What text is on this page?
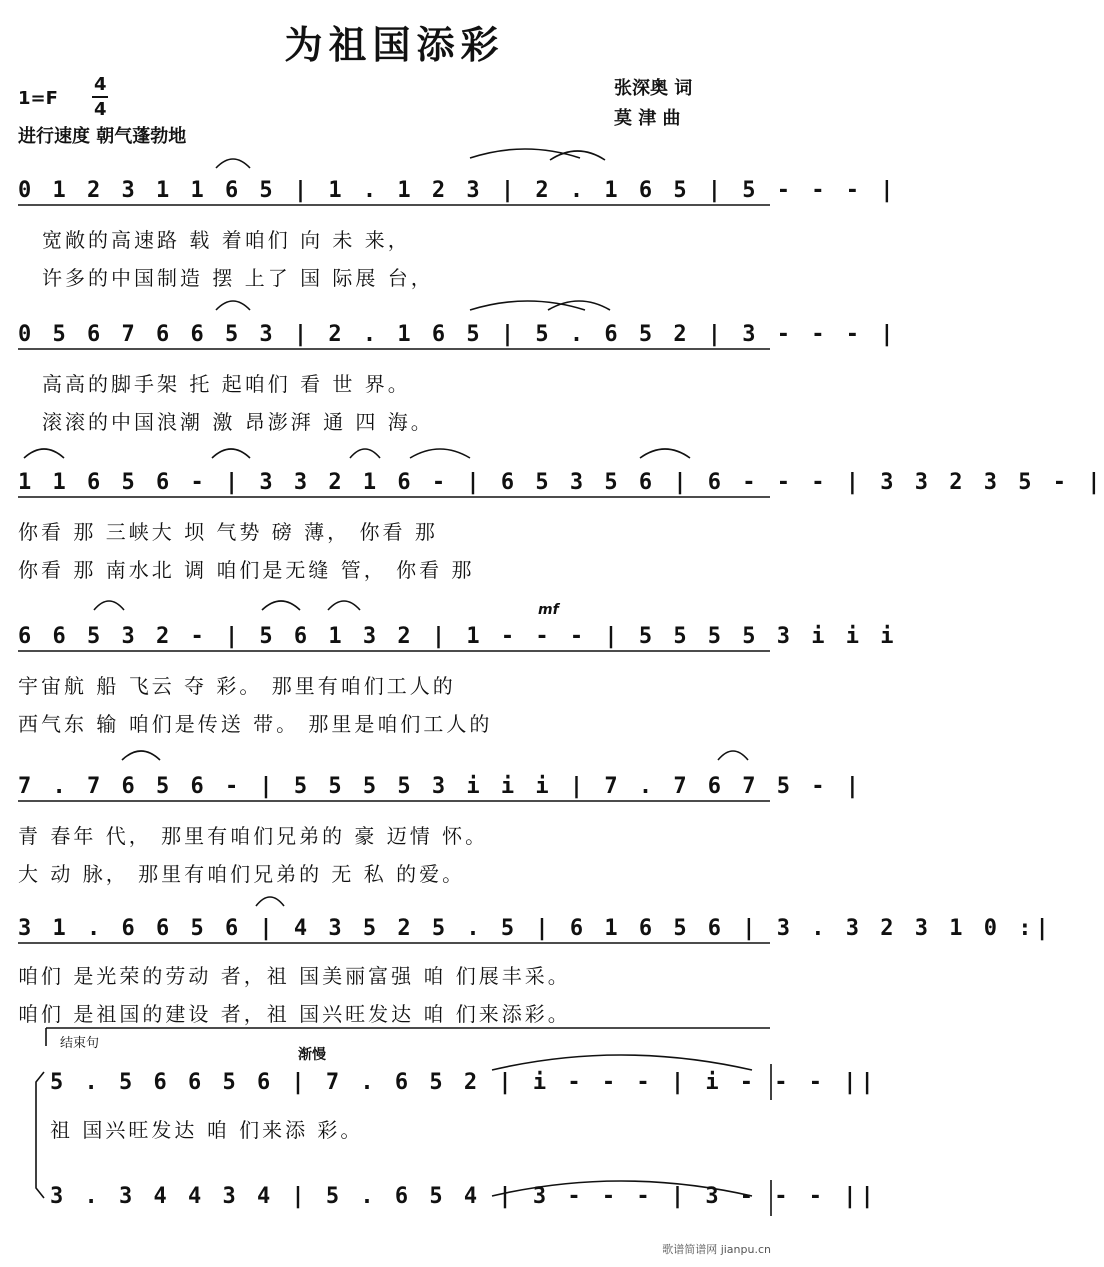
为祖国添彩
1=F
4
4
进行速度 朝气蓬勃地
张深奥 词
莫 津 曲
0 1 2 3 1 1 6 5 | 1 . 1 2 3 | 2 . 1 6 5 | 5 - - - |
宽敞的高速路 载 着咱们 向 未 来，
许多的中国制造 摆 上了 国 际展 台，
0 5 6 7 6 6 5 3 | 2 . 1 6 5 | 5 . 6 5 2 | 3 - - - |
高高的脚手架 托 起咱们 看 世 界。
滚滚的中国浪潮 激 昂澎湃 通 四 海。
1 1 6 5 6 - | 3 3 2 1 6 - | 6 5 3 5 6 | 6 - - - | 3 3 2 3 5 - |
你看 那 三峡大 坝 气势 磅 薄， 你看 那
你看 那 南水北 调 咱们是无缝 管， 你看 那
mf
6 6 5 3 2 - | 5 6 1 3 2 | 1 - - - | 5 5 5 5 3 i i i
宇宙航 船 飞云 夺 彩。 那里有咱们工人的
西气东 输 咱们是传送 带。 那里是咱们工人的
7 . 7 6 5 6 - | 5 5 5 5 3 i i i | 7 . 7 6 7 5 - |
青 春年 代， 那里有咱们兄弟的 豪 迈情 怀。
大 动 脉， 那里有咱们兄弟的 无 私 的爱。
3 1 . 6 6 5 6 | 4 3 5 2 5 . 5 | 6 1 6 5 6 | 3 . 3 2 3 1 0 :|
咱们 是光荣的劳动 者，祖 国美丽富强 咱 们展丰采。
咱们 是祖国的建设 者，祖 国兴旺发达 咱 们来添彩。
结束句
渐慢
5 . 5 6 6 5 6 | 7 . 6 5 2 | i - - - | i - - - ||
祖 国兴旺发达 咱 们来添 彩。
3 . 3 4 4 3 4 | 5 . 6 5 4 | 3 - - - | 3 - - - ||
歌谱简谱网 jianpu.cn
